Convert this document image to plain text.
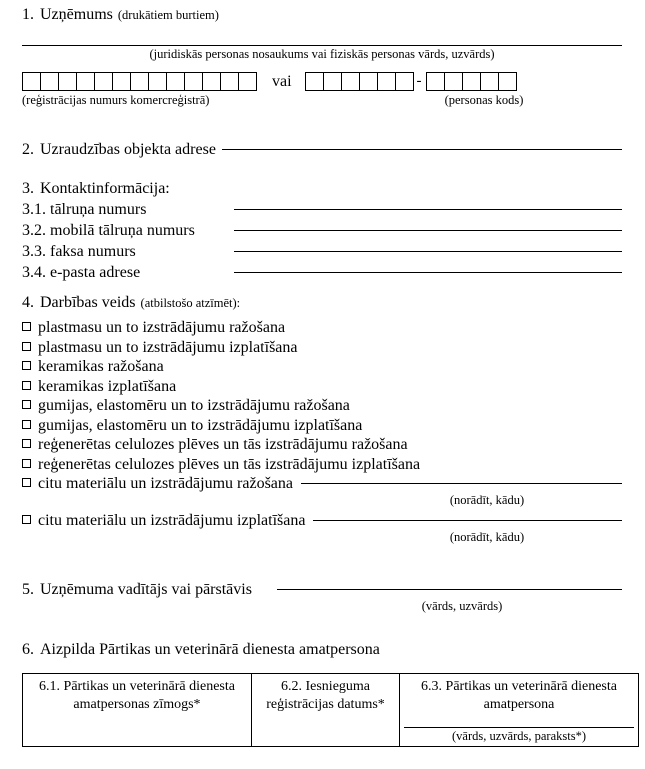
1. Uzņēmums (drukātiem burtiem)
(juridiskās personas nosaukums vai fiziskās personas vārds, uzvārds)
vai	-
(reģistrācijas numurs komercreģistrā)	(personas kods)
2. Uzraudzības objekta adrese
3. Kontaktinformācija:
3.1. tālruņa numurs
3.2. mobilā tālruņa numurs
3.3. faksa numurs
3.4. e-pasta adrese
4. Darbības veids (atbilstošo atzīmēt):
plastmasu un to izstrādājumu ražošana
plastmasu un to izstrādājumu izplatīšana
keramikas ražošana
keramikas izplatīšana
gumijas, elastomēru un to izstrādājumu ražošana
gumijas, elastomēru un to izstrādājumu izplatīšana
reģenerētas celulozes plēves un tās izstrādājumu ražošana
reģenerētas celulozes plēves un tās izstrādājumu izplatīšana
citu materiālu un izstrādājumu ražošana
(norādīt, kādu)
citu materiālu un izstrādājumu izplatīšana
(norādīt, kādu)
5. Uzņēmuma vadītājs vai pārstāvis
(vārds, uzvārds)
6. Aizpilda Pārtikas un veterinārā dienesta amatpersona
6.1. Pārtikas un veterinārā dienesta amatpersonas zīmogs*

6.2. Iesnieguma reģistrācijas datums*

6.3. Pārtikas un veterinārā dienesta amatpersona
(vārds, uzvārds, paraksts*)
